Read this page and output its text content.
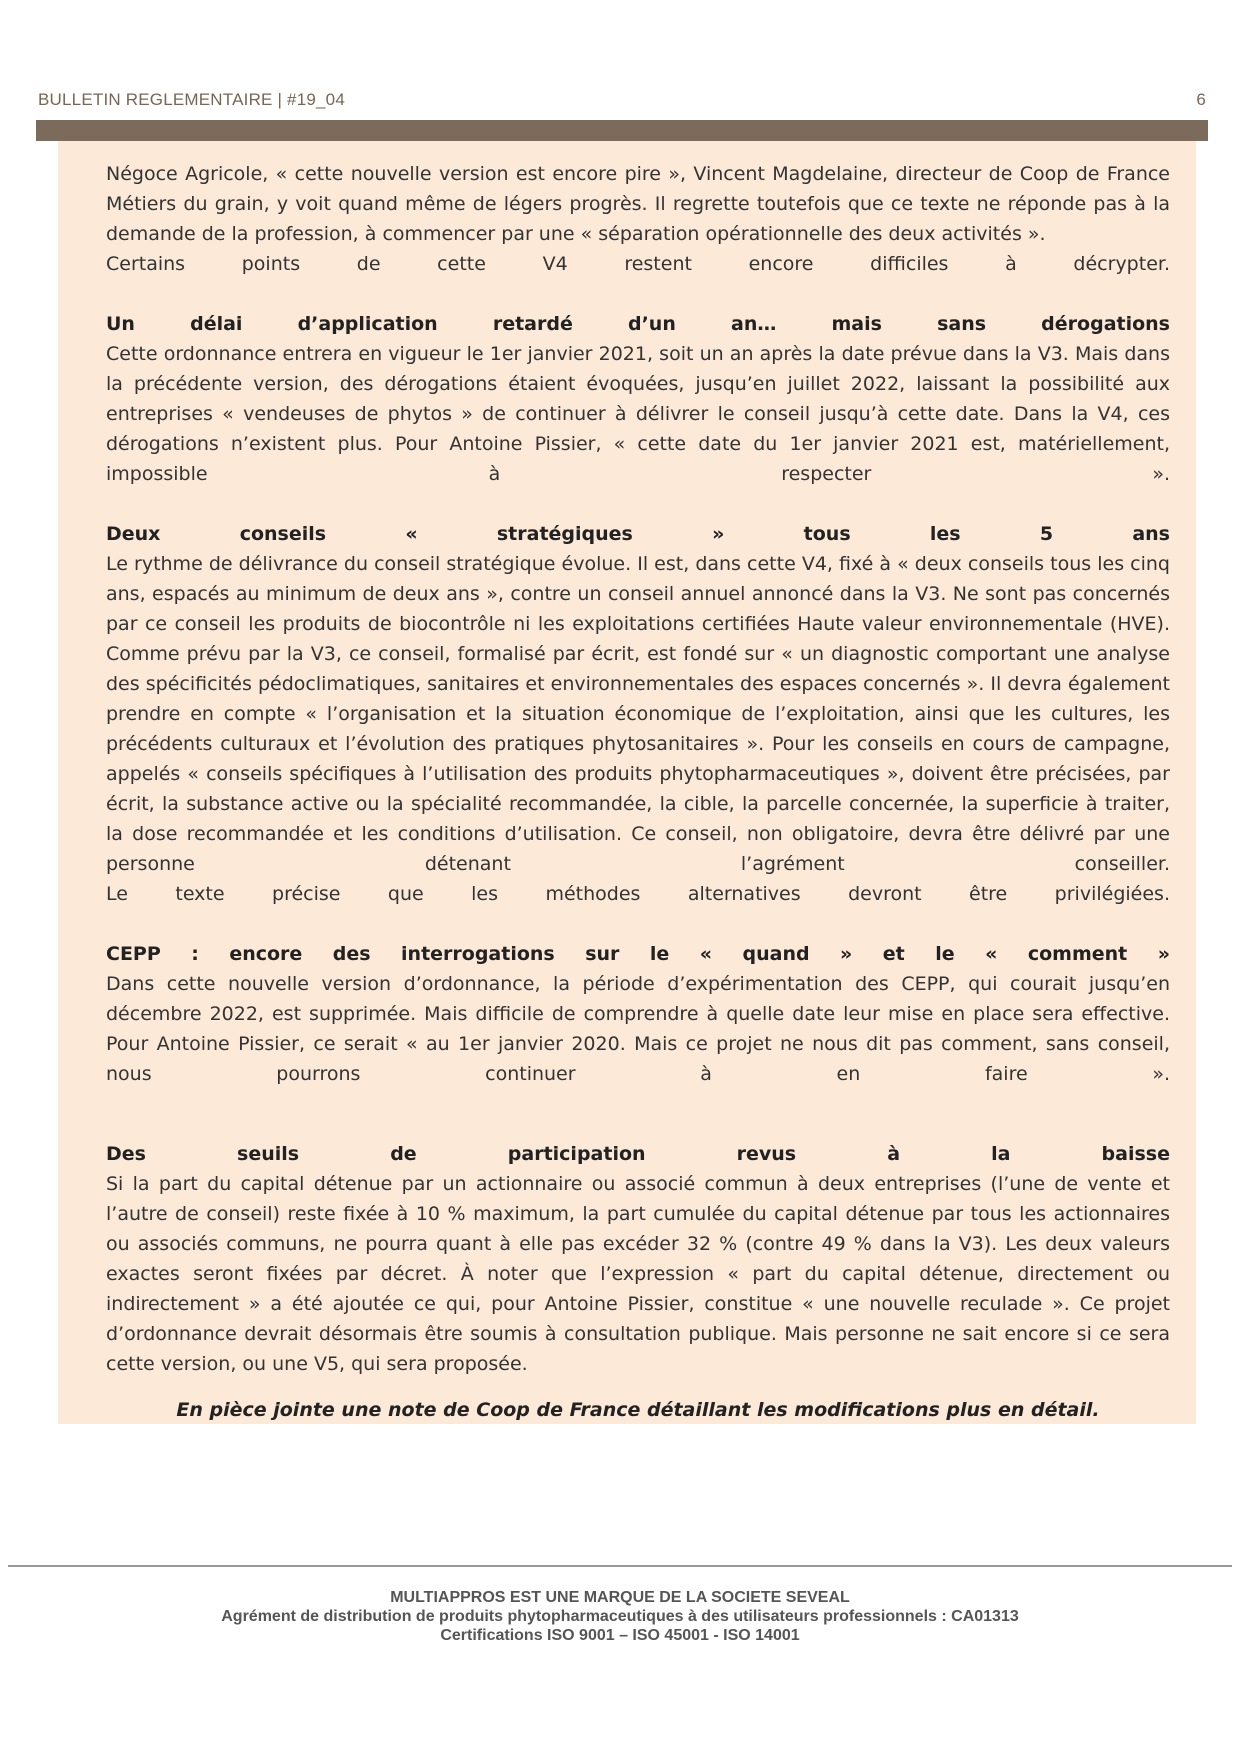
BULLETIN REGLEMENTAIRE | #19_04	6

Négoce Agricole, « cette nouvelle version est encore pire », Vincent Magdelaine, directeur de Coop de France Métiers du grain, y voit quand même de légers progrès. Il regrette toutefois que ce texte ne réponde pas à la demande de la profession, à commencer par une « séparation opérationnelle des deux activités ».

Certains points de cette V4 restent encore difficiles à décrypter.

Un délai d’application retardé d’un an… mais sans dérogations

Cette ordonnance entrera en vigueur le 1er janvier 2021, soit un an après la date prévue dans la V3. Mais dans la précédente version, des dérogations étaient évoquées, jusqu’en juillet 2022, laissant la possibilité aux entreprises « vendeuses de phytos » de continuer à délivrer le conseil jusqu’à cette date. Dans la V4, ces dérogations n’existent plus. Pour Antoine Pissier, « cette date du 1er janvier 2021 est, matériellement,

impossible à respecter ».

Deux conseils « stratégiques » tous les 5 ans

Le rythme de délivrance du conseil stratégique évolue. Il est, dans cette V4, fixé à « deux conseils tous les cinq ans, espacés au minimum de deux ans », contre un conseil annuel annoncé dans la V3. Ne sont pas concernés par ce conseil les produits de biocontrôle ni les exploitations certifiées Haute valeur environnementale (HVE). Comme prévu par la V3, ce conseil, formalisé par écrit, est fondé sur « un diagnostic comportant une analyse des spécificités pédoclimatiques, sanitaires et environnementales des espaces concernés ». Il devra également prendre en compte « l’organisation et la situation économique de l’exploitation, ainsi que les cultures, les précédents culturaux et l’évolution des pratiques phytosanitaires ». Pour les conseils en cours de campagne, appelés « conseils spécifiques à l’utilisation des produits phytopharmaceutiques », doivent être précisées, par écrit, la substance active ou la spécialité recommandée, la cible, la parcelle concernée, la superficie à traiter, la dose recommandée et les conditions d’utilisation. Ce conseil, non obligatoire, devra être délivré par une personne détenant l’agrément conseiller.

Le texte précise que les méthodes alternatives devront être privilégiées.

CEPP : encore des interrogations sur le « quand » et le « comment »

Dans cette nouvelle version d’ordonnance, la période d’expérimentation des CEPP, qui courait jusqu’en décembre 2022, est supprimée. Mais difficile de comprendre à quelle date leur mise en place sera effective. Pour Antoine Pissier, ce serait « au 1er janvier 2020. Mais ce projet ne nous dit pas comment, sans conseil,

nous pourrons continuer à en faire ».

Des seuils de participation revus à la baisse

Si la part du capital détenue par un actionnaire ou associé commun à deux entreprises (l’une de vente et l’autre de conseil) reste fixée à 10 % maximum, la part cumulée du capital détenue par tous les actionnaires ou associés communs, ne pourra quant à elle pas excéder 32 % (contre 49 % dans la V3). Les deux valeurs exactes seront fixées par décret. À noter que l’expression « part du capital détenue, directement ou indirectement » a été ajoutée ce qui, pour Antoine Pissier, constitue « une nouvelle reculade ». Ce projet d’ordonnance devrait désormais être soumis à consultation publique. Mais personne ne sait encore si ce sera cette version, ou une V5, qui sera proposée.

En pièce jointe une note de Coop de France détaillant les modifications plus en détail.

MULTIAPPROS EST UNE MARQUE DE LA SOCIETE SEVEAL
Agrément de distribution de produits phytopharmaceutiques à des utilisateurs professionnels : CA01313
Certifications ISO 9001 – ISO 45001 - ISO 14001
